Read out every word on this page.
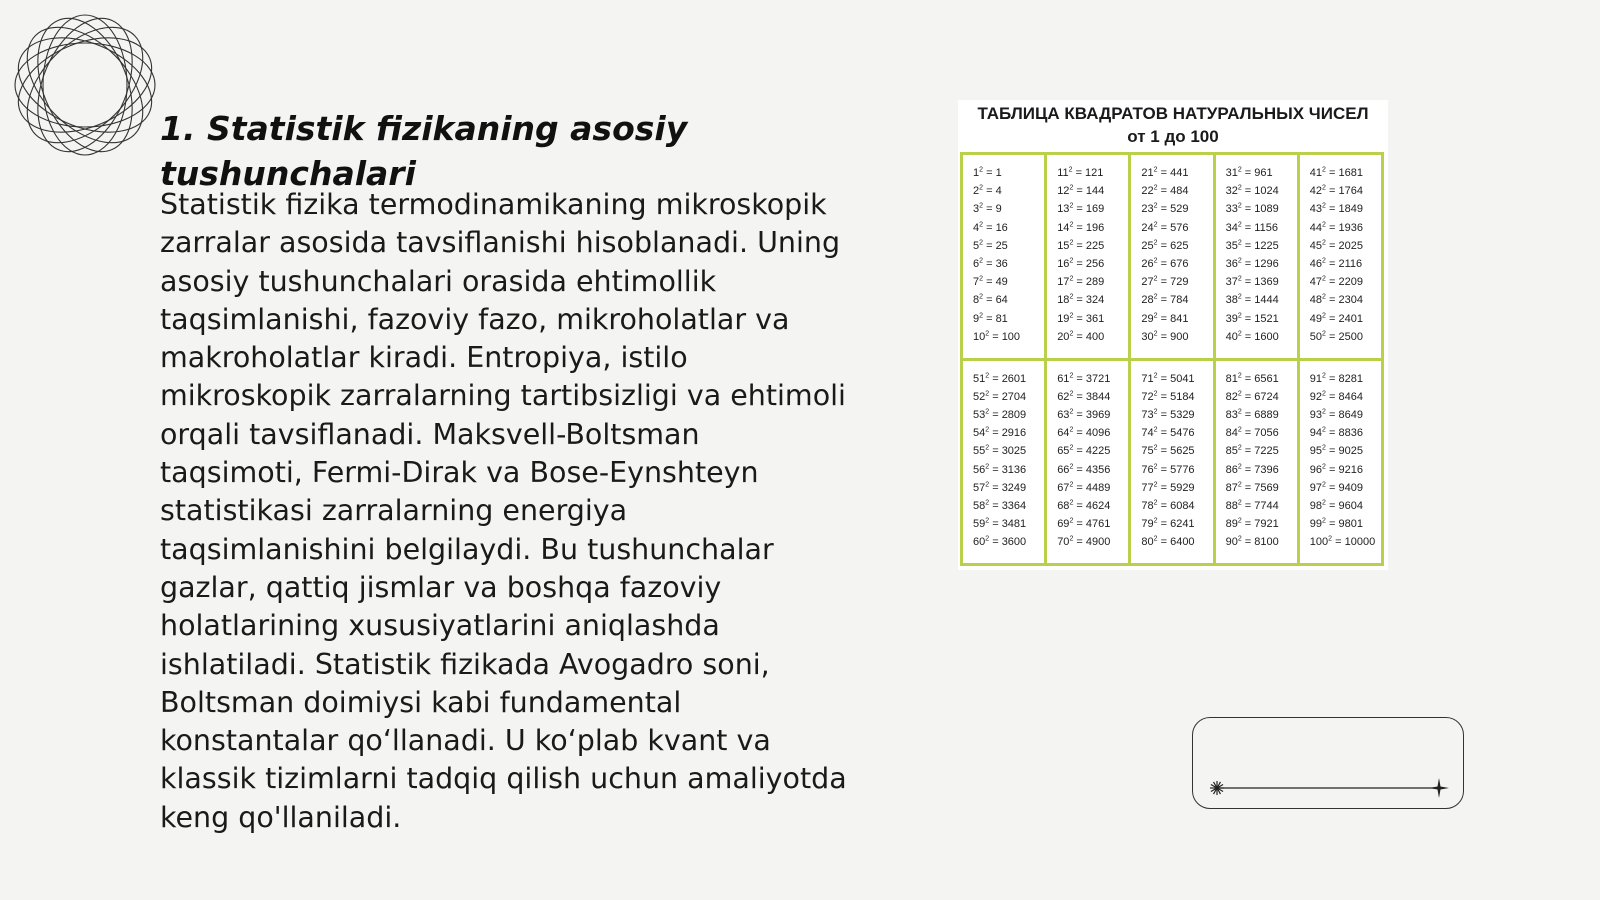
1. Statistik fizikaning asosiy tushunchalari

Statistik fizika termodinamikaning mikroskopik zarralar asosida tavsiflanishi hisoblanadi. Uning asosiy tushunchalari orasida ehtimollik taqsimlanishi, fazoviy fazo, mikroholatlar va makroholatlar kiradi. Entropiya, istilo mikroskopik zarralarning tartibsizligi va ehtimoli orqali tavsiflanadi. Maksvell-Boltsman taqsimoti, Fermi-Dirak va Bose-Eynshteyn statistikasi zarralarning energiya taqsimlanishini belgilaydi. Bu tushunchalar gazlar, qattiq jismlar va boshqa fazoviy holatlarining xususiyatlarini aniqlashda ishlatiladi. Statistik fizikada Avogadro soni, Boltsman doimiysi kabi fundamental konstantalar qo‘llanadi. U ko‘plab kvant va klassik tizimlarni tadqiq qilish uchun amaliyotda keng qo'llaniladi.

ТАБЛИЦА КВАДРАТОВ НАТУРАЛЬНЫХ ЧИСЕЛ
от 1 до 100
$1^2 = 1$
$2^2 = 4$
$3^2 = 9$
$4^2 = 16$
$5^2 = 25$
$6^2 = 36$
$7^2 = 49$
$8^2 = 64$
$9^2 = 81$
$10^2 = 100$
$11^2 = 121$
$12^2 = 144$
$13^2 = 169$
$14^2 = 196$
$15^2 = 225$
$16^2 = 256$
$17^2 = 289$
$18^2 = 324$
$19^2 = 361$
$20^2 = 400$
$21^2 = 441$
$22^2 = 484$
$23^2 = 529$
$24^2 = 576$
$25^2 = 625$
$26^2 = 676$
$27^2 = 729$
$28^2 = 784$
$29^2 = 841$
$30^2 = 900$
$31^2 = 961$
$32^2 = 1024$
$33^2 = 1089$
$34^2 = 1156$
$35^2 = 1225$
$36^2 = 1296$
$37^2 = 1369$
$38^2 = 1444$
$39^2 = 1521$
$40^2 = 1600$
$41^2 = 1681$
$42^2 = 1764$
$43^2 = 1849$
$44^2 = 1936$
$45^2 = 2025$
$46^2 = 2116$
$47^2 = 2209$
$48^2 = 2304$
$49^2 = 2401$
$50^2 = 2500$
$51^2 = 2601$
$52^2 = 2704$
$53^2 = 2809$
$54^2 = 2916$
$55^2 = 3025$
$56^2 = 3136$
$57^2 = 3249$
$58^2 = 3364$
$59^2 = 3481$
$60^2 = 3600$
$61^2 = 3721$
$62^2 = 3844$
$63^2 = 3969$
$64^2 = 4096$
$65^2 = 4225$
$66^2 = 4356$
$67^2 = 4489$
$68^2 = 4624$
$69^2 = 4761$
$70^2 = 4900$
$71^2 = 5041$
$72^2 = 5184$
$73^2 = 5329$
$74^2 = 5476$
$75^2 = 5625$
$76^2 = 5776$
$77^2 = 5929$
$78^2 = 6084$
$79^2 = 6241$
$80^2 = 6400$
$81^2 = 6561$
$82^2 = 6724$
$83^2 = 6889$
$84^2 = 7056$
$85^2 = 7225$
$86^2 = 7396$
$87^2 = 7569$
$88^2 = 7744$
$89^2 = 7921$
$90^2 = 8100$
$91^2 = 8281$
$92^2 = 8464$
$93^2 = 8649$
$94^2 = 8836$
$95^2 = 9025$
$96^2 = 9216$
$97^2 = 9409$
$98^2 = 9604$
$99^2 = 9801$
$100^2 = 10000$
